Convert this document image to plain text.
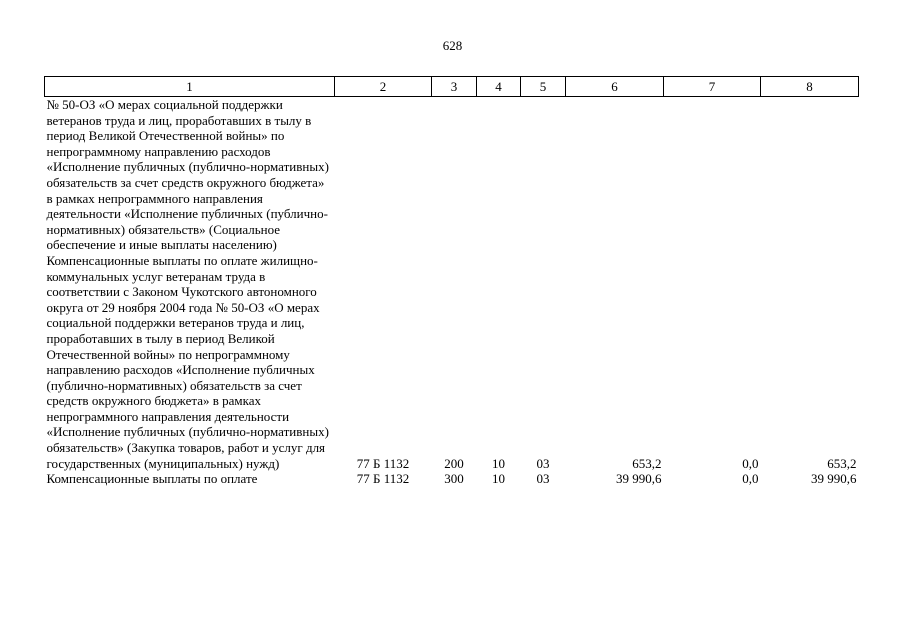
628
1	2	3	4	5	6	7	8
№ 50-ОЗ «О мерах социальной поддержки ветеранов труда и лиц, проработавших в тылу в период Великой Отечественной войны» по непрограммному направлению расходов «Исполнение публичных (публично-нормативных) обязательств за счет средств окружного бюджета» в рамках непрограммного направления деятельности «Исполнение публичных (публично-нормативных) обязательств» (Социальное обеспечение и иные выплаты населению)							
Компенсационные выплаты по оплате жилищно-коммунальных услуг ветеранам труда в соответствии с Законом Чукотского автономного округа от 29 ноября 2004 года № 50-ОЗ «О мерах социальной поддержки ветеранов труда и лиц, проработавших в тылу в период Великой Отечественной войны» по непрограммному направлению расходов «Исполнение публичных (публично-нормативных) обязательств за счет средств окружного бюджета» в рамках непрограммного направления деятельности «Исполнение публичных (публично-нормативных) обязательств» (Закупка товаров, работ и услуг для государственных (муниципальных) нужд)	77 Б 1132	200	10	03	653,2	0,0	653,2
Компенсационные выплаты по оплате	77 Б 1132	300	10	03	39 990,6	0,0	39 990,6
